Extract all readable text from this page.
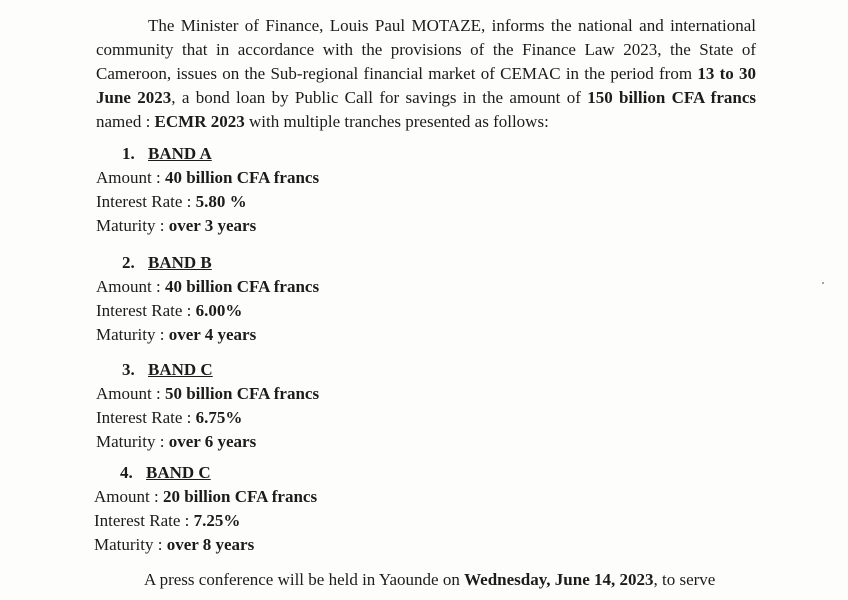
The Minister of Finance, Louis Paul MOTAZE, informs the national and international community that in accordance with the provisions of the Finance Law 2023, the State of Cameroon, issues on the Sub-regional financial market of CEMAC in the period from 13 to 30 June 2023, a bond loan by Public Call for savings in the amount of 150 billion CFA francs named : ECMR 2023 with multiple tranches presented as follows:

1. BAND A
Amount : 40 billion CFA francs
Interest Rate : 5.80 %
Maturity : over 3 years
2. BAND B
Amount : 40 billion CFA francs
Interest Rate : 6.00%
Maturity : over 4 years
3. BAND C
Amount : 50 billion CFA francs
Interest Rate : 6.75%
Maturity : over 6 years
4. BAND C
Amount : 20 billion CFA francs
Interest Rate : 7.25%
Maturity : over 8 years

A press conference will be held in Yaounde on Wednesday, June 14, 2023, to serve
